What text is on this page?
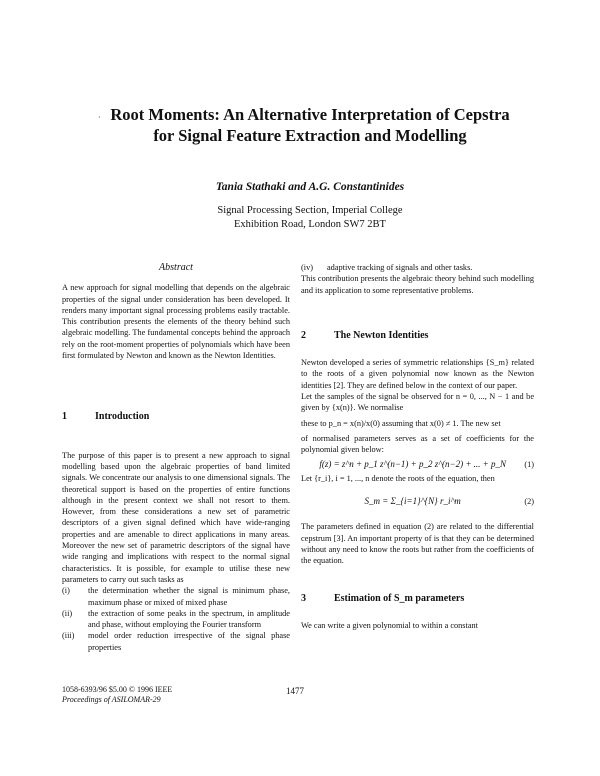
· Root Moments: An Alternative Interpretation of Cepstra
for Signal Feature Extraction and Modelling
Tania Stathaki and A.G. Constantinides
Signal Processing Section, Imperial College
Exhibition Road, London SW7 2BT
Abstract

A new approach for signal modelling that depends on the algebraic properties of the signal under consideration has been developed. It renders many important signal processing problems easily tractable. This contribution presents the elements of the theory behind such algebraic modelling. The fundamental concepts behind the approach rely on the root-moment properties of polynomials which have been first formulated by Newton and known as the Newton Identities.

1	Introduction

The purpose of this paper is to present a new approach to signal modelling based upon the algebraic properties of band limited signals. We concentrate our analysis to one dimensional signals. The theoretical support is based on the properties of entire functions although in the present context we shall not resort to them. However, from these considerations a new set of parametric descriptors of a given signal defined which have wide-ranging properties and are amenable to direct applications in many areas. Moreover the new set of parametric descriptors of the signal have wide ranging and implications with respect to the normal signal characteristics. It is possible, for example to utilise these new parameters to carry out such tasks as

(i)	the determination whether the signal is minimum phase, maximum phase or mixed of mixed phase
(ii)	the extraction of some peaks in the spectrum, in amplitude and phase, without employing the Fourier transform
(iii)	model order reduction irrespective of the signal phase properties
(iv)	adaptive tracking of signals and other tasks.

This contribution presents the algebraic theory behind such modelling and its application to some representative problems.

2	The Newton Identities

Newton developed a series of symmetric relationships {S_m} related to the roots of a given polynomial now known as the Newton identities [2]. They are defined below in the context of our paper.

Let the samples of the signal be observed for n = 0, ..., N − 1 and be given by {x(n)}. We normalise

these to p_n = x(n)/x(0) assuming that x(0) ≠ 1. The new set

of normalised parameters serves as a set of coefficients for the polynomial given below:

f(z) = z^n + p_1 z^(n−1) + p_2 z^(n−2) + ... + p_N	(1)

Let {r_i}, i = 1, ..., n denote the roots of the equation, then

S_m = Σ_{i=1}^{N} r_i^m	(2)

The parameters defined in equation (2) are related to the differential cepstrum [3]. An important property of is that they can be determined without any need to know the roots but rather from the coefficients of the equation.

3	Estimation of S_m parameters

We can write a given polynomial to within a constant

1058-6393/96 $5.00 © 1996 IEEE
Proceedings of ASILOMAR-29
1477
